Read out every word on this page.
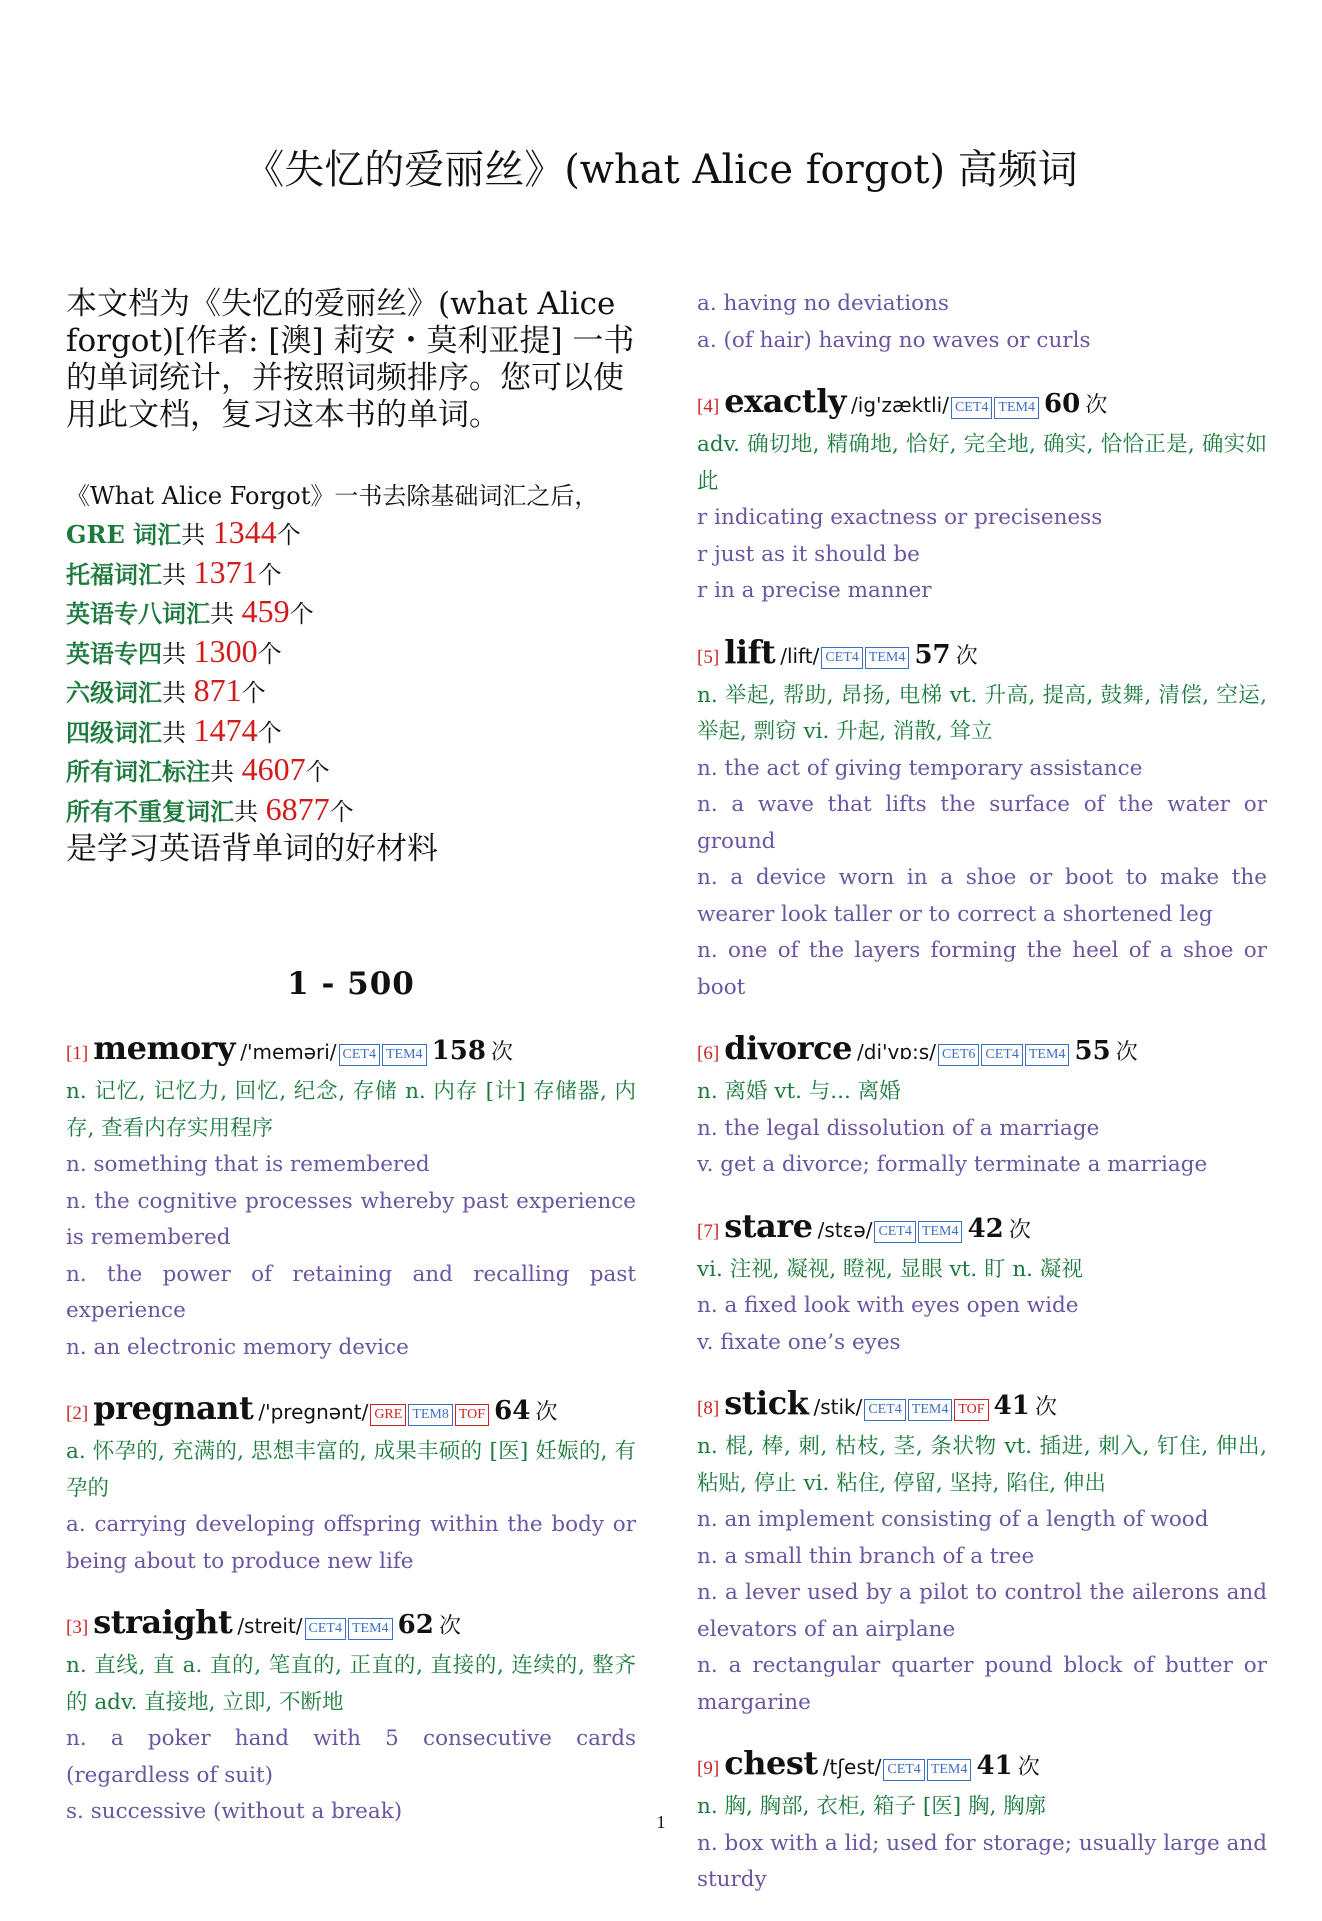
《失忆的爱丽丝》(what Alice forgot) 高频词
本文档为《失忆的爱丽丝》(what Alice forgot)[作者: [澳] 莉安・莫利亚提] 一书的单词统计，并按照词频排序。您可以使用此文档，复习这本书的单词。
《What Alice Forgot》一书去除基础词汇之后，
GRE 词汇共 1344个
托福词汇共 1371个
英语专八词汇共 459个
英语专四共 1300个
六级词汇共 871个
四级词汇共 1474个
所有词汇标注共 4607个
所有不重复词汇共 6877个
是学习英语背单词的好材料
1 - 500
[1] memory /'meməri/ CET4 TEM4 158 次
n. 记忆, 记忆力, 回忆, 纪念, 存储 n. 内存 [计] 存储器, 内存, 查看内存实用程序
n. something that is remembered
n. the cognitive processes whereby past experience is remembered
n. the power of retaining and recalling past experience
n. an electronic memory device
[2] pregnant /'pregnənt/ GRE TEM8 TOF 64 次
a. 怀孕的, 充满的, 思想丰富的, 成果丰硕的 [医] 妊娠的, 有孕的
a. carrying developing offspring within the body or being about to produce new life
[3] straight /streit/ CET4 TEM4 62 次
n. 直线, 直 a. 直的, 笔直的, 正直的, 直接的, 连续的, 整齐的 adv. 直接地, 立即, 不断地
n. a poker hand with 5 consecutive cards (regardless of suit)
s. successive (without a break)
a. having no deviations
a. (of hair) having no waves or curls
[4] exactly /ig'zæktli/ CET4 TEM4 60 次
adv. 确切地, 精确地, 恰好, 完全地, 确实, 恰恰正是, 确实如此
r indicating exactness or preciseness
r just as it should be
r in a precise manner
[5] lift /lift/ CET4 TEM4 57 次
n. 举起, 帮助, 昂扬, 电梯 vt. 升高, 提高, 鼓舞, 清偿, 空运, 举起, 剽窃 vi. 升起, 消散, 耸立
n. the act of giving temporary assistance
n. a wave that lifts the surface of the water or ground
n. a device worn in a shoe or boot to make the wearer look taller or to correct a shortened leg
n. one of the layers forming the heel of a shoe or boot
[6] divorce /di'vɒ:s/ CET6 CET4 TEM4 55 次
n. 离婚 vt. 与... 离婚
n. the legal dissolution of a marriage
v. get a divorce; formally terminate a marriage
[7] stare /stɛə/ CET4 TEM4 42 次
vi. 注视, 凝视, 瞪视, 显眼 vt. 盯 n. 凝视
n. a fixed look with eyes open wide
v. fixate one’s eyes
[8] stick /stik/ CET4 TEM4 TOF 41 次
n. 棍, 棒, 刺, 枯枝, 茎, 条状物 vt. 插进, 刺入, 钉住, 伸出, 粘贴, 停止 vi. 粘住, 停留, 坚持, 陷住, 伸出
n. an implement consisting of a length of wood
n. a small thin branch of a tree
n. a lever used by a pilot to control the ailerons and elevators of an airplane
n. a rectangular quarter pound block of butter or margarine
[9] chest /tʃest/ CET4 TEM4 41 次
n. 胸, 胸部, 衣柜, 箱子 [医] 胸, 胸廓
n. box with a lid; used for storage; usually large and sturdy
1
